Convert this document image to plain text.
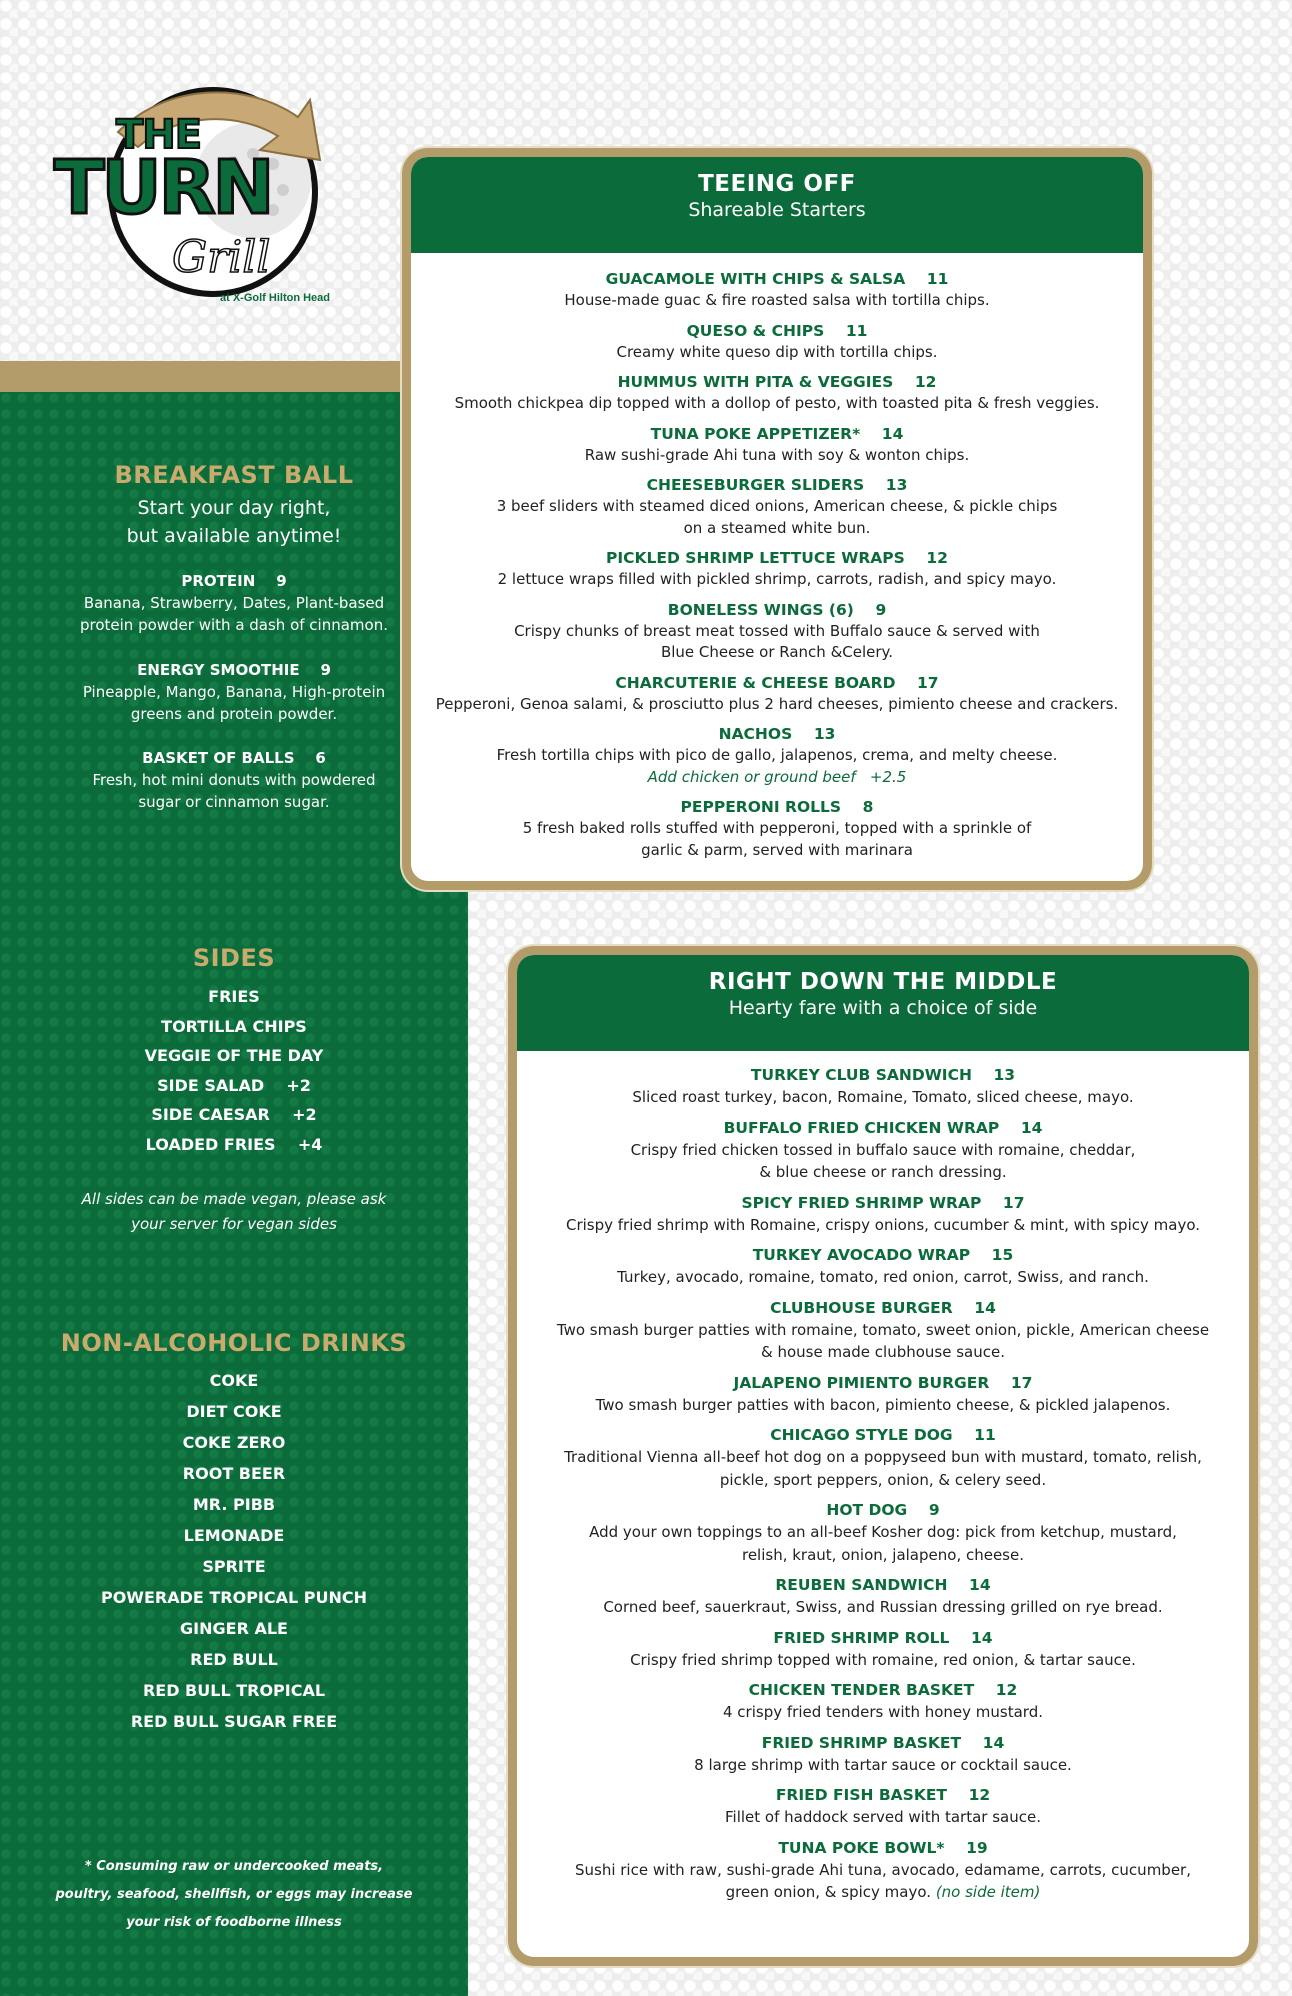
THE
TURN
Grill
at X-Golf Hilton Head
BREAKFAST BALL
Start your day right,
but available anytime!
PROTEIN 9
Banana, Strawberry, Dates, Plant-based
protein powder with a dash of cinnamon.
ENERGY SMOOTHIE 9
Pineapple, Mango, Banana, High-protein
greens and protein powder.
BASKET OF BALLS 6
Fresh, hot mini donuts with powdered
sugar or cinnamon sugar.
SIDES
FRIES
TORTILLA CHIPS
VEGGIE OF THE DAY
SIDE SALAD    +2
SIDE CAESAR    +2
LOADED FRIES    +4
All sides can be made vegan, please ask
your server for vegan sides
NON-ALCOHOLIC DRINKS
COKE
DIET COKE
COKE ZERO
ROOT BEER
MR. PIBB
LEMONADE
SPRITE
POWERADE TROPICAL PUNCH
GINGER ALE
RED BULL
RED BULL TROPICAL
RED BULL SUGAR FREE
* Consuming raw or undercooked meats,
poultry, seafood, shellfish, or eggs may increase
your risk of foodborne illness
TEEING OFF
Shareable Starters
GUACAMOLE WITH CHIPS & SALSA    11
House-made guac & fire roasted salsa with tortilla chips.
QUESO & CHIPS    11
Creamy white queso dip with tortilla chips.
HUMMUS WITH PITA & VEGGIES    12
Smooth chickpea dip topped with a dollop of pesto, with toasted pita & fresh veggies.
TUNA POKE APPETIZER*    14
Raw sushi-grade Ahi tuna with soy & wonton chips.
CHEESEBURGER SLIDERS    13
3 beef sliders with steamed diced onions, American cheese, & pickle chips
on a steamed white bun.
PICKLED SHRIMP LETTUCE WRAPS    12
2 lettuce wraps filled with pickled shrimp, carrots, radish, and spicy mayo.
BONELESS WINGS (6)    9
Crispy chunks of breast meat tossed with Buffalo sauce & served with
Blue Cheese or Ranch &Celery.
CHARCUTERIE & CHEESE BOARD    17
Pepperoni, Genoa salami, & prosciutto plus 2 hard cheeses, pimiento cheese and crackers.
NACHOS    13
Fresh tortilla chips with pico de gallo, jalapenos, crema, and melty cheese.
Add chicken or ground beef   +2.5
PEPPERONI ROLLS    8
5 fresh baked rolls stuffed with pepperoni, topped with a sprinkle of
garlic & parm, served with marinara
RIGHT DOWN THE MIDDLE
Hearty fare with a choice of side
TURKEY CLUB SANDWICH    13
Sliced roast turkey, bacon, Romaine, Tomato, sliced cheese, mayo.
BUFFALO FRIED CHICKEN WRAP    14
Crispy fried chicken tossed in buffalo sauce with romaine, cheddar,
& blue cheese or ranch dressing.
SPICY FRIED SHRIMP WRAP    17
Crispy fried shrimp with Romaine, crispy onions, cucumber & mint, with spicy mayo.
TURKEY AVOCADO WRAP    15
Turkey, avocado, romaine, tomato, red onion, carrot, Swiss, and ranch.
CLUBHOUSE BURGER    14
Two smash burger patties with romaine, tomato, sweet onion, pickle, American cheese
& house made clubhouse sauce.
JALAPENO PIMIENTO BURGER    17
Two smash burger patties with bacon, pimiento cheese, & pickled jalapenos.
CHICAGO STYLE DOG    11
Traditional Vienna all-beef hot dog on a poppyseed bun with mustard, tomato, relish,
pickle, sport peppers, onion, & celery seed.
HOT DOG    9
Add your own toppings to an all-beef Kosher dog: pick from ketchup, mustard,
relish, kraut, onion, jalapeno, cheese.
REUBEN SANDWICH    14
Corned beef, sauerkraut, Swiss, and Russian dressing grilled on rye bread.
FRIED SHRIMP ROLL    14
Crispy fried shrimp topped with romaine, red onion, & tartar sauce.
CHICKEN TENDER BASKET    12
4 crispy fried tenders with honey mustard.
FRIED SHRIMP BASKET    14
8 large shrimp with tartar sauce or cocktail sauce.
FRIED FISH BASKET    12
Fillet of haddock served with tartar sauce.
TUNA POKE BOWL*    19
Sushi rice with raw, sushi-grade Ahi tuna, avocado, edamame, carrots, cucumber,
green onion, & spicy mayo. (no side item)
